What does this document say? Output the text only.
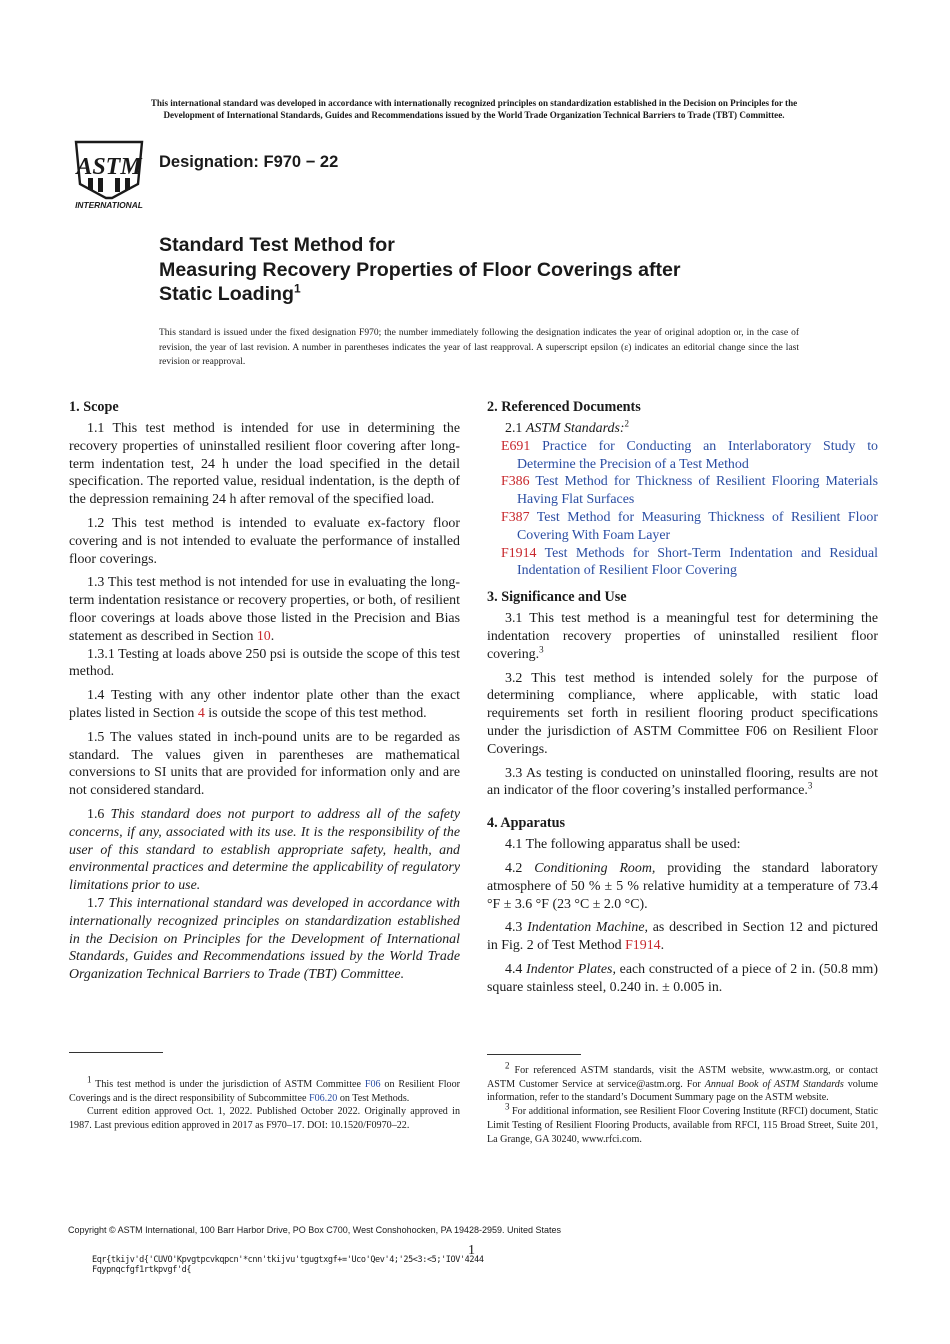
This international standard was developed in accordance with internationally recognized principles on standardization established in the Decision on Principles for the
Development of International Standards, Guides and Recommendations issued by the World Trade Organization Technical Barriers to Trade (TBT) Committee.
ASTM
INTERNATIONAL
Designation: F970 − 22
Standard Test Method for
Measuring Recovery Properties of Floor Coverings after
Static Loading$^1$
This standard is issued under the fixed designation F970; the number immediately following the designation indicates the year of original adoption or, in the case of revision, the year of last revision. A number in parentheses indicates the year of last reapproval. A superscript epsilon (ε) indicates an editorial change since the last revision or reapproval.
1. Scope

1.1 This test method is intended for use in determining the recovery properties of uninstalled resilient floor covering after long-term indentation test, 24 h under the load specified in the detail specification. The reported value, residual indentation, is the depth of the depression remaining 24 h after removal of the specified load.

1.2 This test method is intended to evaluate ex-factory floor covering and is not intended to evaluate the performance of installed floor coverings.

1.3 This test method is not intended for use in evaluating the long-term indentation resistance or recovery properties, or both, of resilient floor coverings at loads above those listed in the Precision and Bias statement as described in Section 10.

1.3.1 Testing at loads above 250 psi is outside the scope of this test method.

1.4 Testing with any other indentor plate other than the exact plates listed in Section 4 is outside the scope of this test method.

1.5 The values stated in inch-pound units are to be regarded as standard. The values given in parentheses are mathematical conversions to SI units that are provided for information only and are not considered standard.

1.6 This standard does not purport to address all of the safety concerns, if any, associated with its use. It is the responsibility of the user of this standard to establish appropriate safety, health, and environmental practices and determine the applicability of regulatory limitations prior to use.

1.7 This international standard was developed in accordance with internationally recognized principles on standardization established in the Decision on Principles for the Development of International Standards, Guides and Recommendations issued by the World Trade Organization Technical Barriers to Trade (TBT) Committee.

2. Referenced Documents

2.1 ASTM Standards:$^2$

E691 Practice for Conducting an Interlaboratory Study to Determine the Precision of a Test Method
F386 Test Method for Thickness of Resilient Flooring Materials Having Flat Surfaces
F387 Test Method for Measuring Thickness of Resilient Floor Covering With Foam Layer
F1914 Test Methods for Short-Term Indentation and Residual Indentation of Resilient Floor Covering
3. Significance and Use

3.1 This test method is a meaningful test for determining the indentation recovery properties of uninstalled resilient floor covering.$^3$

3.2 This test method is intended solely for the purpose of determining compliance, where applicable, with static load requirements set forth in resilient flooring product specifications under the jurisdiction of ASTM Committee F06 on Resilient Floor Coverings.

3.3 As testing is conducted on uninstalled flooring, results are not an indicator of the floor covering’s installed performance.$^3$

4. Apparatus

4.1 The following apparatus shall be used:

4.2 Conditioning Room, providing the standard laboratory atmosphere of 50 % ± 5 % relative humidity at a temperature of 73.4 °F ± 3.6 °F (23 °C ± 2.0 °C).

4.3 Indentation Machine, as described in Section 12 and pictured in Fig. 2 of Test Method F1914.

4.4 Indentor Plates, each constructed of a piece of 2 in. (50.8 mm) square stainless steel, 0.240 in. ± 0.005 in.

$^1$ This test method is under the jurisdiction of ASTM Committee F06 on Resilient Floor Coverings and is the direct responsibility of Subcommittee F06.20 on Test Methods.

Current edition approved Oct. 1, 2022. Published October 2022. Originally approved in 1987. Last previous edition approved in 2017 as F970–17. DOI: 10.1520/F0970–22.

$^2$ For referenced ASTM standards, visit the ASTM website, www.astm.org, or contact ASTM Customer Service at service@astm.org. For Annual Book of ASTM Standards volume information, refer to the standard’s Document Summary page on the ASTM website.

$^3$ For additional information, see Resilient Floor Covering Institute (RFCI) document, Static Limit Testing of Resilient Flooring Products, available from RFCI, 115 Broad Street, Suite 201, La Grange, GA 30240, www.rfci.com.

Copyright © ASTM International, 100 Barr Harbor Drive, PO Box C700, West Conshohocken, PA 19428-2959. United States
1
Eqr{tkijv'd{'CUVO'Kpvgtpcvkqpcn'*cnn'tkijvu'tgugtxgf+='Uco'Qev'4;'25<3:<5;'IOV'4244
Fqypnqcfgf1rtkpvgf'd{
